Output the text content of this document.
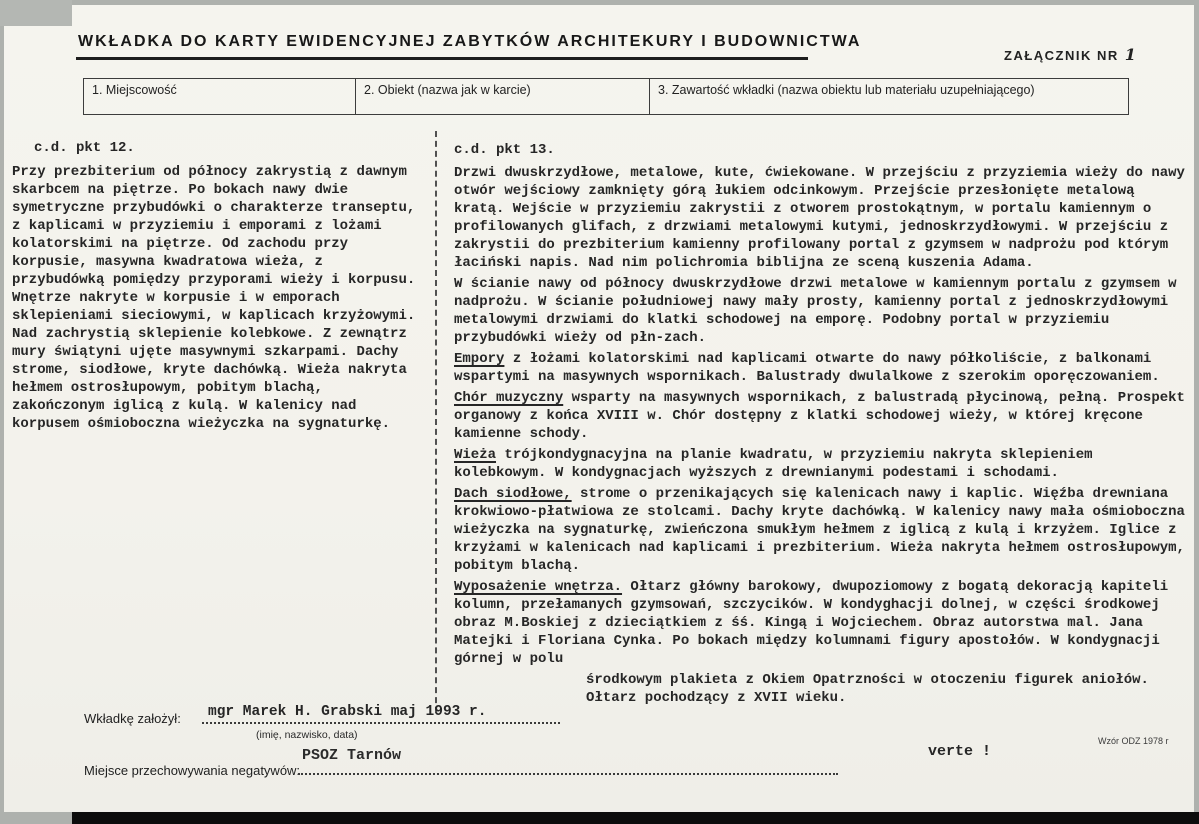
WKŁADKA DO KARTY EWIDENCYJNEJ ZABYTKÓW ARCHITEKURY I BUDOWNICTWA
ZAŁĄCZNIK NR 1
1. Miejscowość	2. Obiekt (nazwa jak w karcie)	3. Zawartość wkładki (nazwa obiektu lub materiału uzupełniającego)
c.d. pkt 12.
Przy prezbiterium od północy zakrystią z dawnym skarbcem na piętrze. Po bokach nawy dwie symetryczne przybudówki o charakterze transeptu, z kaplicami w przyziemiu i emporami z lożami kolatorskimi na piętrze. Od zachodu przy korpusie, masywna kwadratowa wieża, z przybudówką pomiędzy przyporami wieży i korpusu. Wnętrze nakryte w korpusie i w emporach sklepieniami sieciowymi, w kaplicach krzyżowymi. Nad zachrystią sklepienie kolebkowe. Z zewnątrz mury świątyni ujęte masywnymi szkarpami. Dachy strome, siodłowe, kryte dachówką. Wieża nakryta hełmem ostrosłupowym, pobitym blachą, zakończonym iglicą z kulą. W kalenicy nad korpusem ośmioboczna wieżyczka na sygnaturkę.
c.d. pkt 13.

Drzwi dwuskrzydłowe, metalowe, kute, ćwiekowane. W przejściu z przyziemia wieży do nawy otwór wejściowy zamknięty górą łukiem odcinkowym. Przejście przesłonięte metalową kratą. Wejście w przyziemiu zakrystii z otworem prostokątnym, w portalu kamiennym o profilowanych glifach, z drzwiami metalowymi kutymi, jednoskrzydłowymi. W przejściu z zakrystii do prezbiterium kamienny profilowany portal z gzymsem w nadprożu pod którym łaciński napis. Nad nim polichromia biblijna ze sceną kuszenia Adama.

W ścianie nawy od północy dwuskrzydłowe drzwi metalowe w kamiennym portalu z gzymsem w nadprożu. W ścianie południowej nawy mały prosty, kamienny portal z jednoskrzydłowymi metalowymi drzwiami do klatki schodowej na emporę. Podobny portal w przyziemiu przybudówki wieży od płn-zach.

Empory z łożami kolatorskimi nad kaplicami otwarte do nawy półkoliście, z balkonami wspartymi na masywnych wspornikach. Balustrady dwulalkowe z szerokim oporęczowaniem.

Chór muzyczny wsparty na masywnych wspornikach, z balustradą płycinową, pełną. Prospekt organowy z końca XVIII w. Chór dostępny z klatki schodowej wieży, w której kręcone kamienne schody.

Wieża trójkondygnacyjna na planie kwadratu, w przyziemiu nakryta sklepieniem kolebkowym. W kondygnacjach wyższych z drewnianymi podestami i schodami.

Dach siodłowe, strome o przenikających się kalenicach nawy i kaplic. Więźba drewniana krokwiowo-płatwiowa ze stolcami. Dachy kryte dachówką. W kalenicy nawy mała ośmioboczna wieżyczka na sygnaturkę, zwieńczona smukłym hełmem z iglicą z kulą i krzyżem. Iglice z krzyżami w kalenicach nad kaplicami i prezbiterium. Wieża nakryta hełmem ostrosłupowym, pobitym blachą.

Wyposażenie wnętrza. Ołtarz główny barokowy, dwupoziomowy z bogatą dekoracją kapiteli kolumn, przełamanych gzymsowań, szczycików. W kondyghacji dolnej, w części środkowej obraz M.Boskiej z dzieciątkiem z śś. Kingą i Wojciechem. Obraz autorstwa mal. Jana Matejki i Floriana Cynka. Po bokach między kolumnami figury apostołów. W kondygnacji górnej w polu

środkowym plakieta z Okiem Opatrzności w otoczeniu figurek aniołów. Ołtarz pochodzący z XVII wieku.

Wkładkę założył: mgr Marek H. Grabski maj 1993 r.
(imię, nazwisko, data)
PSOZ Tarnów
Miejsce przechowywania negatywów:
verte !
Wzór ODZ 1978 r
